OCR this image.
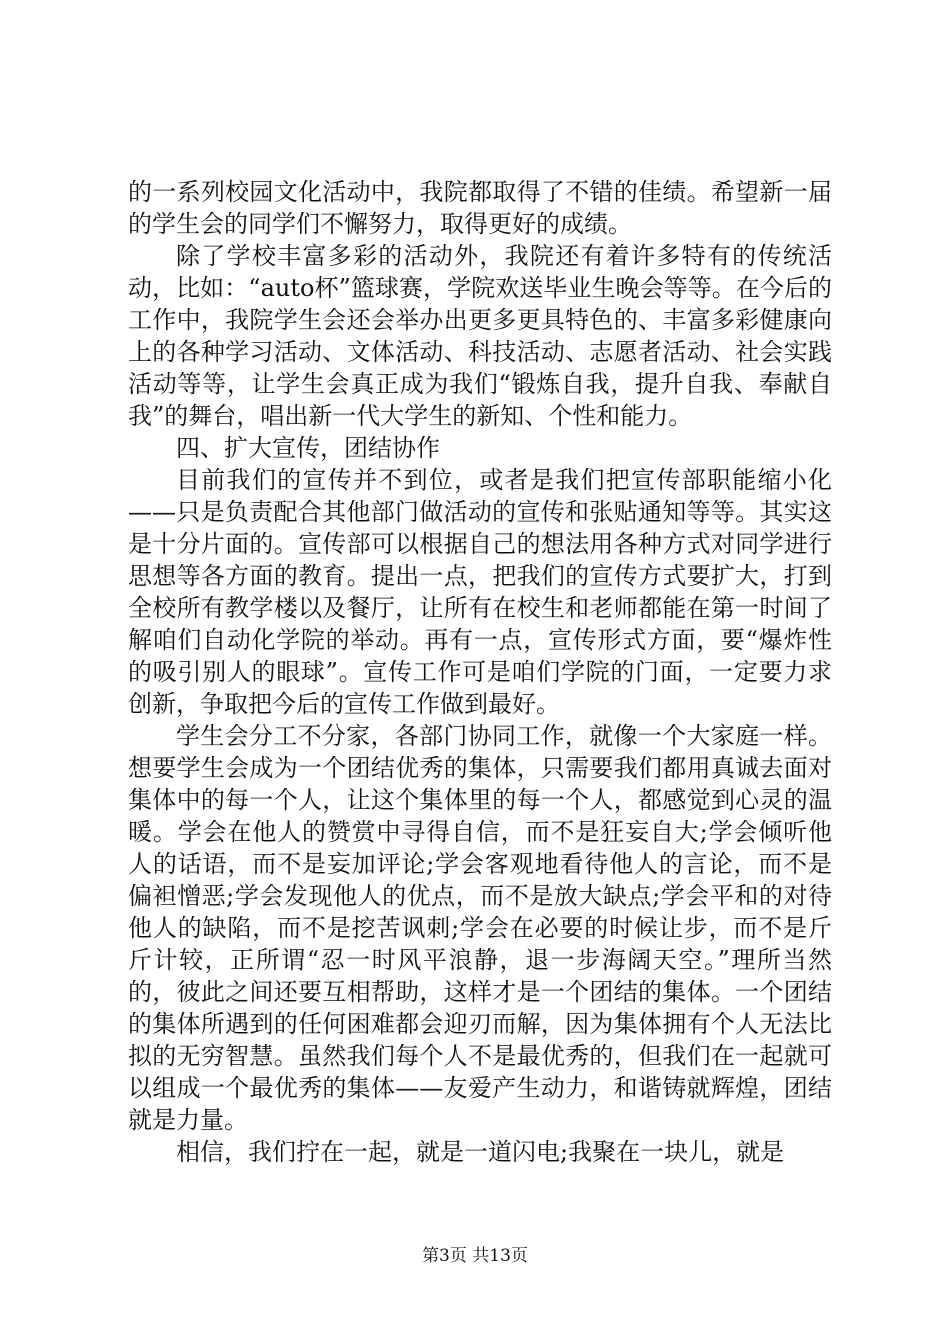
的一系列校园文化活动中，我院都取得了不错的佳绩。希望新一届的学生会的同学们不懈努力，取得更好的成绩。

除了学校丰富多彩的活动外，我院还有着许多特有的传统活动，比如：“auto杯”篮球赛，学院欢送毕业生晚会等等。在今后的工作中，我院学生会还会举办出更多更具特色的、丰富多彩健康向上的各种学习活动、文体活动、科技活动、志愿者活动、社会实践活动等等，让学生会真正成为我们“锻炼自我，提升自我、奉献自我”的舞台，唱出新一代大学生的新知、个性和能力。

四、扩大宣传，团结协作

目前我们的宣传并不到位，或者是我们把宣传部职能缩小化——只是负责配合其他部门做活动的宣传和张贴通知等等。其实这是十分片面的。宣传部可以根据自己的想法用各种方式对同学进行思想等各方面的教育。提出一点，把我们的宣传方式要扩大，打到全校所有教学楼以及餐厅，让所有在校生和老师都能在第一时间了解咱们自动化学院的举动。再有一点，宣传形式方面，要“爆炸性的吸引别人的眼球”。宣传工作可是咱们学院的门面，一定要力求创新，争取把今后的宣传工作做到最好。

学生会分工不分家，各部门协同工作，就像一个大家庭一样。想要学生会成为一个团结优秀的集体，只需要我们都用真诚去面对集体中的每一个人，让这个集体里的每一个人，都感觉到心灵的温暖。学会在他人的赞赏中寻得自信，而不是狂妄自大;学会倾听他人的话语，而不是妄加评论;学会客观地看待他人的言论，而不是偏袒憎恶;学会发现他人的优点，而不是放大缺点;学会平和的对待他人的缺陷，而不是挖苦讽刺;学会在必要的时候让步，而不是斤斤计较，正所谓“忍一时风平浪静，退一步海阔天空。”理所当然的，彼此之间还要互相帮助，这样才是一个团结的集体。一个团结的集体所遇到的任何困难都会迎刃而解，因为集体拥有个人无法比拟的无穷智慧。虽然我们每个人不是最优秀的，但我们在一起就可以组成一个最优秀的集体——友爱产生动力，和谐铸就辉煌，团结就是力量。

相信，我们拧在一起，就是一道闪电;我聚在一块儿，就是

第3页 共13页
